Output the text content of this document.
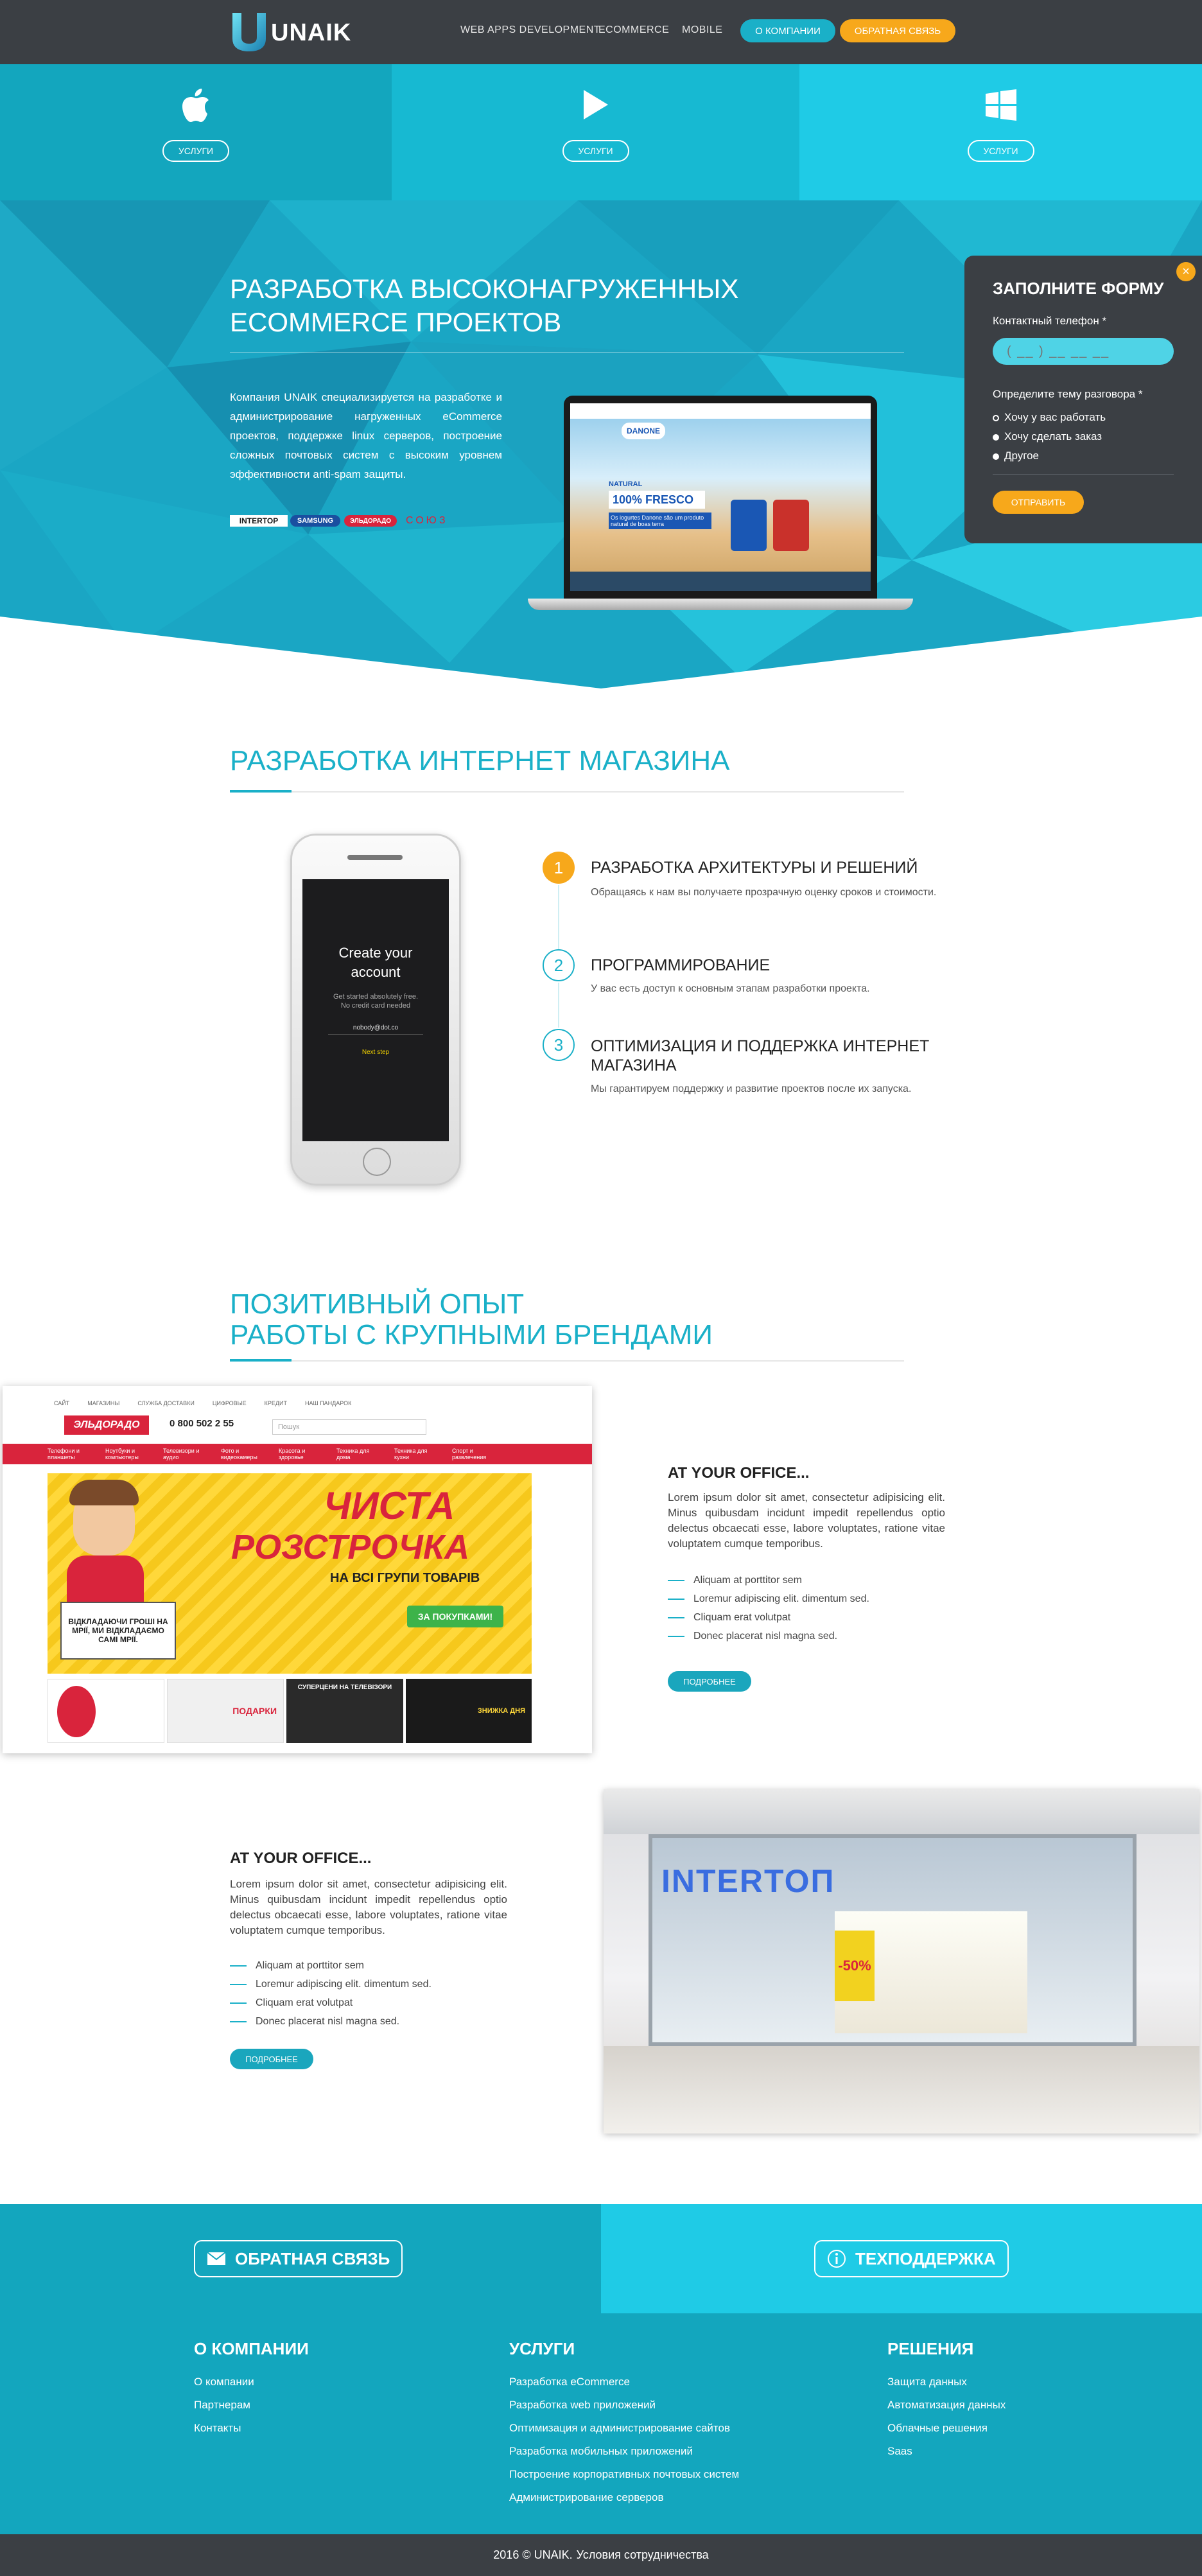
UNAIK	WEB APPS DEVELOPMENT
ECOMMERCE MOBILE	О КОМПАНИИ	ОБРАТНАЯ СВЯЗЬ
УСЛУГИ	УСЛУГИ	УСЛУГИ
РАЗРАБОТКА ВЫСОКОНАГРУЖЕННЫХ ECOMMERCE ПРОЕКТОВ

Компания UNAIK специализируется на разработке и администрирование нагруженных eCommerce проектов, поддержке linux серверов, построение сложных почтовых систем с высоким уровнем эффективности anti-spam защиты.

INTERTOP	SAMSUNG	ЭЛЬДОРАДО	СОЮЗ
DANONE
NATURAL
100% FRESCO
Os iogurtes Danone são um produto natural de boas terra
×
ЗАПОЛНИТЕ ФОРМУ
Контактный телефон *
( __ ) __ __ __
Определите тему разговора *
Хочу у вас работать
Хочу сделать заказ
Другое
ОТПРАВИТЬ
РАЗРАБОТКА ИНТЕРНЕТ МАГАЗИНА
Create your account
Get started absolutely free. No credit card needed
nobody@dot.co
Next step
1	РАЗРАБОТКА АРХИТЕКТУРЫ И РЕШЕНИЙ
Обращаясь к нам вы получаете прозрачную оценку сроков и стоимости.
2	ПРОГРАММИРОВАНИЕ
У вас есть доступ к основным этапам разработки проекта.
3	ОПТИМИЗАЦИЯ И ПОДДЕРЖКА ИНТЕРНЕТ МАГАЗИНА
Мы гарантируем поддержку и развитие проектов после их запуска.
ПОЗИТИВНЫЙ ОПЫТ
РАБОТЫ С КРУПНЫМИ БРЕНДАМИ
САЙТ	МАГАЗИНЫ	СЛУЖБА ДОСТАВКИ	ЦИФРОВЫЕ	КРЕДИТ	НАШ ПАНДАРОК
ЭЛЬДОРАДО	0 800 502 2 55	Пошук
Телефони и планшеты
Ноутбуки и компьютеры
Телевизори и аудио
Фото и видеокамеры
Красота и здоровье
Техника для дома
Техника для кухни
Спорт и развлечения
ВІДКЛАДАЮЧИ ГРОШІ НА МРІЇ, МИ ВІДКЛАДАЄМО САМІ МРІЇ.
ЧИСТА
РОЗСТРОЧКА
НА ВСІ ГРУПИ ТОВАРІВ
ЗА ПОКУПКАМИ!
ПОДАРКИ
СУПЕРЦЕНИ НА ТЕЛЕВІЗОРИ
ЗНИЖКА ДНЯ
AT YOUR OFFICE...

Lorem ipsum dolor sit amet, consectetur adipisicing elit. Minus quibusdam incidunt impedit repellendus optio delectus obcaecati esse, labore voluptates, ratione vitae voluptatem cumque temporibus.

Aliquam at porttitor sem
Loremur adipiscing elit. dimentum sed.
Cliquam erat volutpat
Donec placerat nisl magna sed.
ПОДРОБНЕЕ
AT YOUR OFFICE...

Lorem ipsum dolor sit amet, consectetur adipisicing elit. Minus quibusdam incidunt impedit repellendus optio delectus obcaecati esse, labore voluptates, ratione vitae voluptatem cumque temporibus.

Aliquam at porttitor sem
Loremur adipiscing elit. dimentum sed.
Cliquam erat volutpat
Donec placerat nisl magna sed.
ПОДРОБНЕЕ
INTERTOП
-50%
ОБРАТНАЯ СВЯЗЬ	ТЕХПОДДЕРЖКА
О КОМПАНИИ
О компании
Партнерам
Контакты
УСЛУГИ
Разработка eCommerce
Разработка web приложений
Оптимизация и администрирование сайтов
Разработка мобильных приложений
Построение корпоративных почтовых систем
Администрирование серверов
РЕШЕНИЯ
Защита данных
Автоматизация данных
Облачные решения
Saas
2016 © UNAIK. Условия сотрудничества
